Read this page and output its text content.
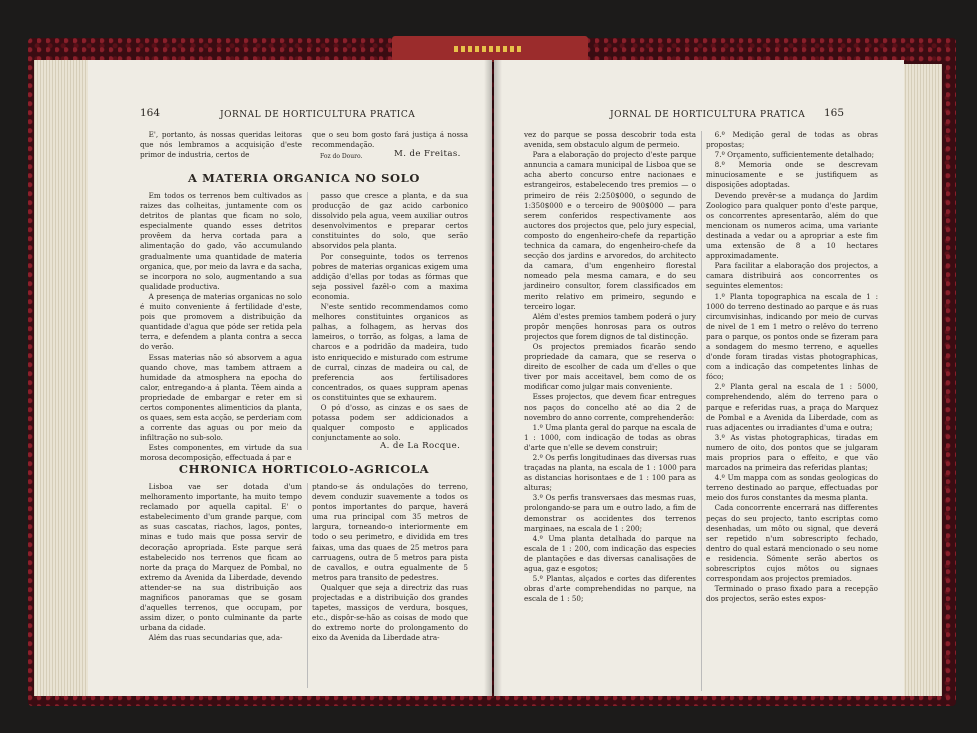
164	JORNAL DE HORTICULTURA PRATICA

E', portanto, ás nossas queridas leitoras que nós lembramos a acquisição d'este primor de industria, certos de

que o seu bom gosto fará justiça á nossa recommendação.

Foz do Douro.	M. de Freitas.
A MATERIA ORGANICA NO SOLO

Em todos os terrenos bem cultivados as raizes das colheitas, juntamente com os detritos de plantas que ficam no solo, especialmente quando esses detritos provêem da herva cortada para a alimentação do gado, vão accumulando gradualmente uma quantidade de materia organica, que, por meio da lavra e da sacha, se incorpora no solo, augmentando a sua qualidade productiva.

A presença de materias organicas no solo é muito conveniente á fertilidade d'este, pois que promovem a distribuição da quantidade d'agua que póde ser retida pela terra, e defendem a planta contra a secca do verão.

Essas materias não só absorvem a agua quando chove, mas tambem attraem a humidade da atmosphera na epocha do calor, entregando-a á planta. Têem ainda a propriedade de embargar e reter em si certos componentes alimenticios da planta, os quaes, sem esta acção, se perderiam com a corrente das aguas ou por meio da infiltração no sub-solo.

Estes componentes, em virtude da sua morosa decomposição, effectuada á par e

passo que cresce a planta, e da sua producção de gaz acido carbonico dissolvido pela agua, veem auxiliar outros desenvolvimentos e preparar certos constituintes do solo, que serão absorvidos pela planta.

Por conseguinte, todos os terrenos pobres de materias organicas exigem uma addição d'ellas por todas as fórmas que seja possivel fazêl-o com a maxima economia.

N'este sentido recommendamos como melhores constituintes organicos as palhas, a folhagem, as hervas dos lameiros, o torrão, as folgas, a lama de charcos e a podridão da madeira, tudo isto enriquecido e misturado com estrume de curral, cinzas de madeira ou cal, de preferencia aos fertilisadores concentrados, os quaes suppram apenas os constituintes que se exhaurem.

O pó d'osso, as cinzas e os saes de potassa podem ser addicionados a qualquer composto e applicados conjunctamente ao solo.

A. de La Rocque.
CHRONICA HORTICOLO-AGRICOLA

Lisboa vae ser dotada d'um melhoramento importante, ha muito tempo reclamado por aquella capital. E' o estabelecimento d'um grande parque, com as suas cascatas, riachos, lagos, pontes, minas e tudo mais que possa servir de decoração apropriada. Este parque será estabelecido nos terrenos que ficam ao norte da praça do Marquez de Pombal, no extremo da Avenida da Liberdade, devendo attender-se na sua distribuição aos magnificos panoramas que se gosam d'aquelles terrenos, que occupam, por assim dizer, o ponto culminante da parte urbana da cidade.

Além das ruas secundarias que, ada-

ptando-se ás ondulações do terreno, devem conduzir suavemente a todos os pontos importantes do parque, haverá uma rua principal com 35 metros de largura, torneando-o interiormente em todo o seu perimetro, e dividida em tres faixas, uma das quaes de 25 metros para carruagens, outra de 5 metros para pista de cavallos, e outra egualmente de 5 metros para transito de pedestres.

Qualquer que seja a directriz das ruas projectadas e a distribuição dos grandes tapetes, massiços de verdura, bosques, etc., dispôr-se-hão as coisas de modo que do extremo norte do prolongamento do eixo da Avenida da Liberdade atra-

JORNAL DE HORTICULTURA PRATICA 165

vez do parque se possa descobrir toda esta avenida, sem obstaculo algum de permeio.

Para a elaboração do projecto d'este parque annuncia a camara municipal de Lisboa que se acha aberto concurso entre nacionaes e estrangeiros, estabelecendo tres premios — o primeiro de réis 2:250$000, o segundo de 1:350$000 e o terceiro de 900$000 — para serem conferidos respectivamente aos auctores dos projectos que, pelo jury especial, composto do engenheiro-chefe da repartição technica da camara, do engenheiro-chefe da secção dos jardins e arvoredos, do architecto da camara, d'um engenheiro florestal nomeado pela mesma camara, e do seu jardineiro consultor, forem classificados em merito relativo em primeiro, segundo e terceiro logar.

Além d'estes premios tambem poderá o jury propôr menções honrosas para os outros projectos que forem dignos de tal distincção.

Os projectos premiados ficarão sendo propriedade da camara, que se reserva o direito de escolher de cada um d'elles o que tiver por mais acceitavel, bem como de os modificar como julgar mais conveniente.

Esses projectos, que devem ficar entregues nos paços do concelho até ao dia 2 de novembro do anno corrente, comprehenderão:

1.º Uma planta geral do parque na escala de 1 : 1000, com indicação de todas as obras d'arte que n'elle se devem construir;

2.º Os perfis longitudinaes das diversas ruas traçadas na planta, na escala de 1 : 1000 para as distancias horisontaes e de 1 : 100 para as alturas;

3.º Os perfis transversaes das mesmas ruas, prolongando-se para um e outro lado, a fim de demonstrar os accidentes dos terrenos marginaes, na escala de 1 : 200;

4.º Uma planta detalhada do parque na escala de 1 : 200, com indicação das especies de plantações e das diversas canalisações de agua, gaz e esgotos;

5.º Plantas, alçados e cortes das diferentes obras d'arte comprehendidas no parque, na escala de 1 : 50;

6.º Medição geral de todas as obras propostas;

7.º Orçamento, sufficientemente detalhado;

8.º Memoria onde se descrevam minuciosamente e se justifiquem as disposições adoptadas.

Devendo prevêr-se a mudança do Jardim Zoologico para qualquer ponto d'este parque, os concorrentes apresentarão, além do que mencionam os numeros acima, uma variante destinada a vedar ou a apropriar a este fim uma extensão de 8 a 10 hectares approximadamente.

Para facilitar a elaboração dos projectos, a camara distribuirá aos concorrentes os seguintes elementos:

1.º Planta topographica na escala de 1 : 1000 do terreno destinado ao parque e ás ruas circumvisinhas, indicando por meio de curvas de nivel de 1 em 1 metro o relêvo do terreno para o parque, os pontos onde se fizeram para a sondagem do mesmo terreno, e aquelles d'onde foram tiradas vistas photographicas, com a indicação das competentes linhas de fóco;

2.º Planta geral na escala de 1 : 5000, comprehendendo, além do terreno para o parque e referidas ruas, a praça do Marquez de Pombal e a Avenida da Liberdade, com as ruas adjacentes ou irradiantes d'uma e outra;

3.º As vistas photographicas, tiradas em numero de oito, dos pontos que se julgaram mais proprios para o effeito, e que vão marcados na primeira das referidas plantas;

4.º Um mappa com as sondas geologicas do terreno destinado ao parque, effectuadas por meio dos furos constantes da mesma planta.

Cada concorrente encerrará nas differentes peças do seu projecto, tanto escriptas como desenhadas, um môto ou signal, que deverá ser repetido n'um sobrescripto fechado, dentro do qual estará mencionado o seu nome e residencia. Sómente serão abertos os sobrescriptos cujos môtos ou signaes correspondam aos projectos premiados.

Terminado o praso fixado para a recepção dos projectos, serão estes expos-
